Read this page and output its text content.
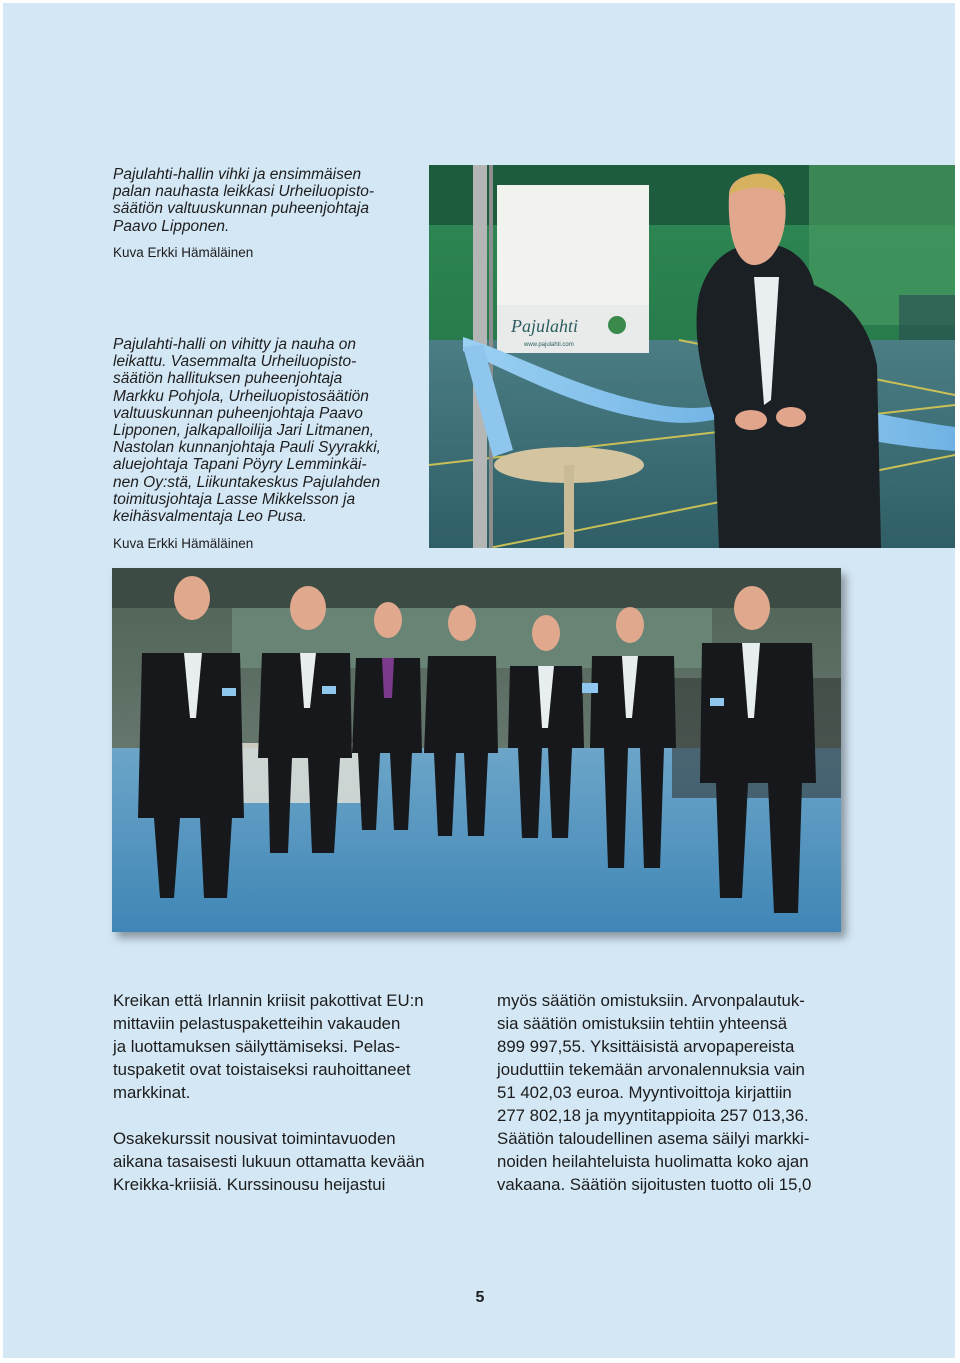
Pajulahti-hallin vihki ja ensimmäisen
palan nauhasta leikkasi Urheiluopisto-
säätiön valtuuskunnan puheenjohtaja
Paavo Lipponen.
Kuva Erkki Hämäläinen
Pajulahti
www.pajulahti.com
Pajulahti-halli on vihitty ja nauha on
leikattu. Vasemmalta Urheiluopisto-
säätiön hallituksen puheenjohtaja
Markku Pohjola, Urheiluopistosäätiön
valtuuskunnan puheenjohtaja Paavo
Lipponen, jalkapalloilija Jari Litmanen,
Nastolan kunnanjohtaja Pauli Syyrakki,
aluejohtaja Tapani Pöyry Lemminkäi-
nen Oy:stä, Liikuntakeskus Pajulahden
toimitusjohtaja Lasse Mikkelsson ja
keihäsvalmentaja Leo Pusa.
Kuva Erkki Hämäläinen

Kreikan että Irlannin kriisit pakottivat EU:n
mittaviin pelastuspaketteihin vakauden
ja luottamuksen säilyttämiseksi. Pelas-
tuspaketit ovat toistaiseksi rauhoittaneet
markkinat.

Osakekurssit nousivat toimintavuoden
aikana tasaisesti lukuun ottamatta kevään
Kreikka-kriisiä. Kurssinousu heijastui

myös säätiön omistuksiin. Arvonpalautuk-
sia säätiön omistuksiin tehtiin yhteensä
899 997,55. Yksittäisistä arvopapereista
jouduttiin tekemään arvonalennuksia vain
51 402,03 euroa. Myyntivoittoja kirjattiin
277 802,18 ja myyntitappioita 257 013,36.
Säätiön taloudellinen asema säilyi markki-
noiden heilahteluista huolimatta koko ajan
vakaana. Säätiön sijoitusten tuotto oli 15,0

5
